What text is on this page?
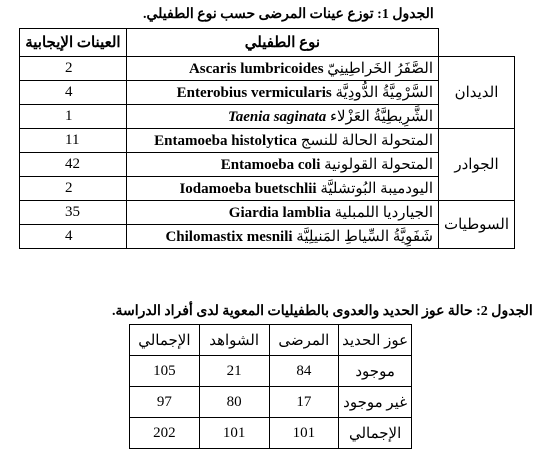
الجدول 1: توزع عينات المرضى حسب نوع الطفيلي.
العينات الإيجابية	نوع الطفيلي	
2	Ascaris lumbricoides الصَّفَرُ الخَراطِينِيّ	الديدان
4	Enterobius vermicularis السَّرْمِيَّةُ الدُّودِيَّة	
1	Taenia saginata الشَّرِيطِيَّةُ العَزْلاء	
11	Entamoeba histolytica المتحولة الحالة للنسج	الجوادر
42	Entamoeba coli المتحولة القولونية	
2	Iodamoeba buetschlii اليودميبة البُوتشليَّة	
35	Giardia lamblia الجيارديا اللمبلية	السوطيات
4	Chilomastix mesnili شَفَوِيَّةُ السِّياطِ المَنيلِيَّة	
الجدول 2: حالة عوز الحديد والعدوى بالطفيليات المعوية لدى أفراد الدراسة.
الإجمالي	الشواهد	المرضى	عوز الحديد
105	21	84	موجود
97	80	17	غير موجود
202	101	101	الإجمالي
